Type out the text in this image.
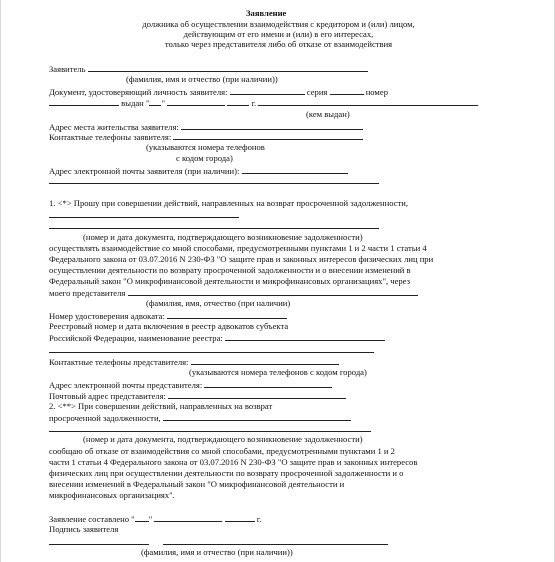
Заявление
должника об осуществлении взаимодействия с кредитором и (или) лицом,
действующим от его имени и (или) в его интересах,
только через представителя либо об отказе от взаимодействия
Заявитель
(фамилия, имя и отчество (при наличии))
Документ, удостоверяющий личность заявителя:	серия	номер
выдан " "	г.
(кем выдан)
Адрес места жительства заявителя:
Контактные телефоны заявителя:
(указываются номера телефонов
с кодом города)
Адрес электронной почты заявителя (при наличии):
1. <*> Прошу при совершении действий, направленных на возврат просроченной задолженности,
(номер и дата документа, подтверждающего возникновение задолженности)
осуществлять взаимодействие со мной способами, предусмотренными пунктами 1 и 2 части 1 статьи 4
Федерального закона от 03.07.2016 N 230-ФЗ "О защите прав и законных интересов физических лиц при
осуществлении деятельности по возврату просроченной задолженности и о внесении изменений в
Федеральный закон "О микрофинансовой деятельности и микрофинансовых организациях", через
моего представителя
(фамилия, имя, отчество (при наличии)
Номер удостоверения адвоката:
Реестровый номер и дата включения в реестр адвокатов субъекта
Российской Федерации, наименование реестра:
Контактные телефоны представителя:
(указываются номера телефонов с кодом города)
Адрес электронной почты представителя:
Почтовый адрес представителя:
2. <**> При совершении действий, направленных на возврат
просроченной задолженности,
(номер и дата документа, подтверждающего возникновение задолженности)
сообщаю об отказе от взаимодействия со мной способами, предусмотренными пунктами 1 и 2
части 1 статьи 4 Федерального закона от 03.07.2016 N 230-ФЗ "О защите прав и законных интересов
физических лиц при осуществлении деятельности по возврату просроченной задолженности и о
внесении изменений в Федеральный закон "О микрофинансовой деятельности и
микрофинансовых организациях".
Заявление составлено " "	г.
Подпись заявителя

(фамилия, имя и отчество (при наличии))
